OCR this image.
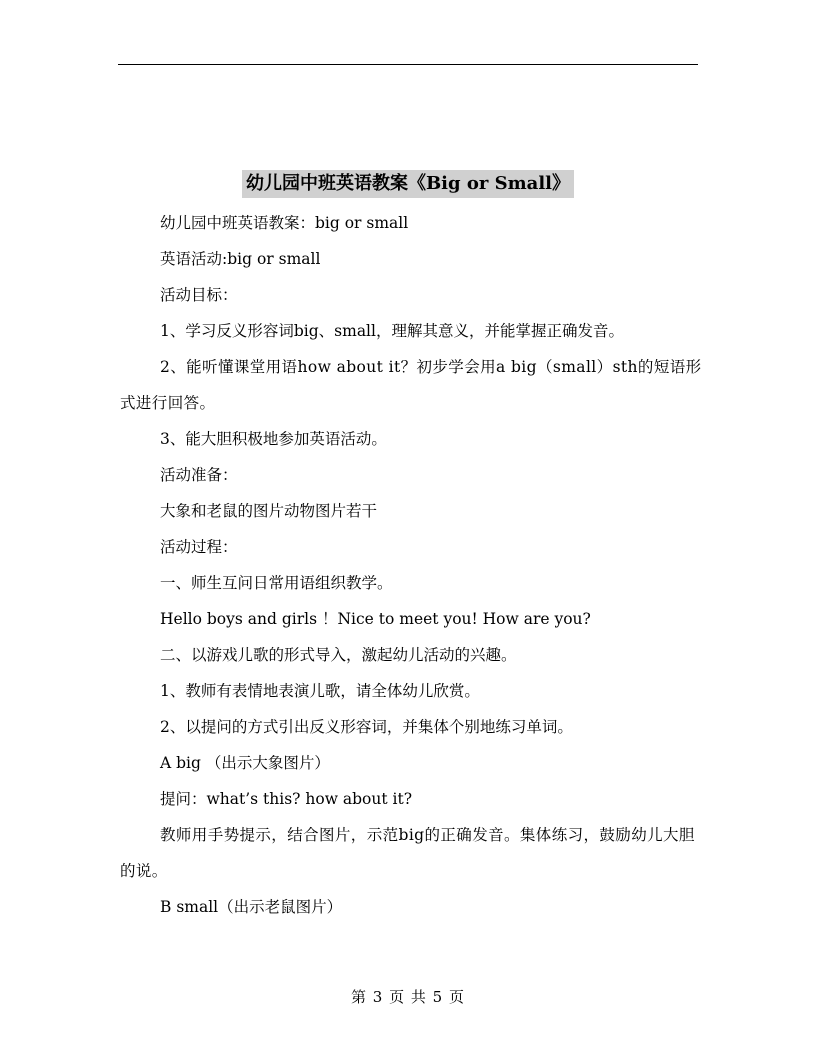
幼儿园中班英语教案《Big or Small》

幼儿园中班英语教案：big or small

英语活动:big or small

活动目标：

1、学习反义形容词big、small，理解其意义，并能掌握正确发音。

2、能听懂课堂用语how about it？初步学会用a big（small）sth的短语形式进行回答。

3、能大胆积极地参加英语活动。

活动准备：

大象和老鼠的图片动物图片若干

活动过程：

一、师生互问日常用语组织教学。

Hello boys and girls ！Nice to meet you! How are you?

二、以游戏儿歌的形式导入，激起幼儿活动的兴趣。

1、教师有表情地表演儿歌，请全体幼儿欣赏。

2、以提问的方式引出反义形容词，并集体个别地练习单词。

A big （出示大象图片）

提问：what’s this? how about it?

教师用手势提示，结合图片，示范big的正确发音。集体练习，鼓励幼儿大胆的说。

B small（出示老鼠图片）

第 3 页 共 5 页
